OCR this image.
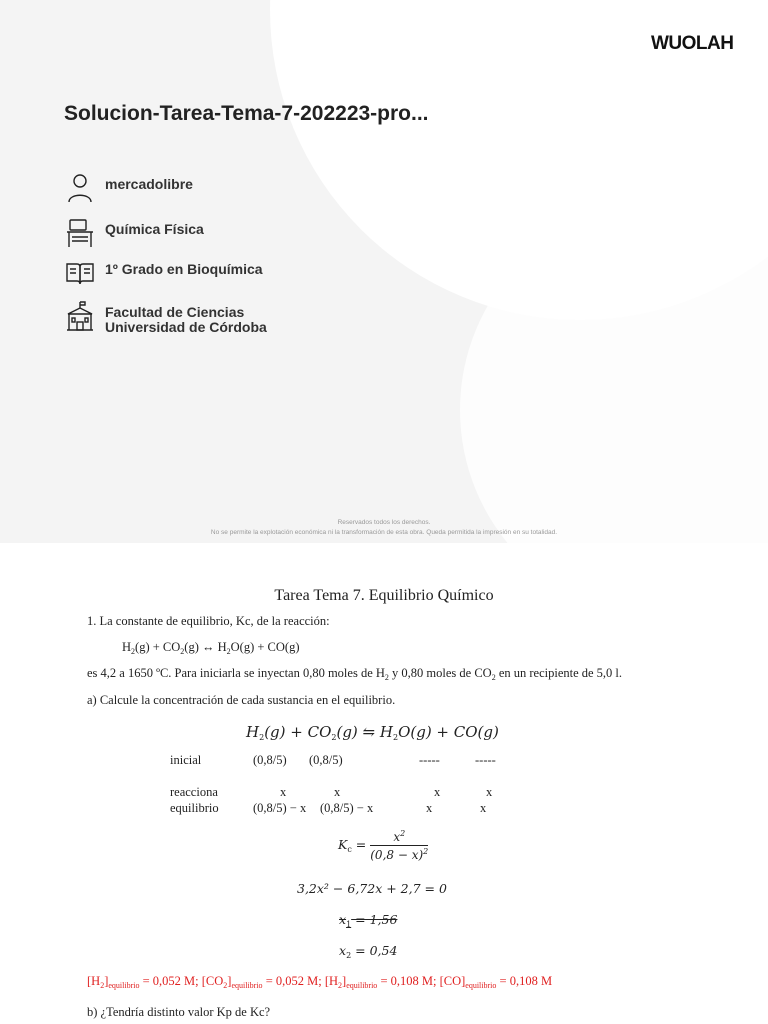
WUOLAH
Solucion-Tarea-Tema-7-202223-pro...
mercadolibre
Química Física
1º Grado en Bioquímica
Facultad de Ciencias
Universidad de Córdoba
Reservados todos los derechos.
No se permite la explotación económica ni la transformación de esta obra. Queda permitida la impresión en su totalidad.
Tarea Tema 7. Equilibrio Químico
1. La constante de equilibrio, Kc, de la reacción:
$H_2(g) + CO_2(g)$ ↔ $H_2O(g) + CO(g)$
es 4,2 a 1650 ºC. Para iniciarla se inyectan 0,80 moles de $H_2$ y 0,80 moles de $CO_2$ en un recipiente de 5,0 l.
a) Calcule la concentración de cada sustancia en el equilibrio.
$H_2(g) + CO_2(g)$ ⇋ $H_2O(g) + CO(g)$
inicial	(0,8/5) (0,8/5)	-----	-----
reacciona	x	x	x	x
equilibrio	(0,8/5) − x (0,8/5) − x	x	x
$K_c = \frac{x^2}{(0,8 - x)^2}$
3,2x² − 6,72x + 2,7 = 0
$x_1 = 1,56$
$x_2 = 0,54$
$[H_2]_{equilibrio} = 0,052$ M; $[CO_2]_{equilibrio} = 0,052$ M; $[H_2]_{equilibrio} = 0,108$ M; $[CO]_{equilibrio} = 0,108$ M
b) ¿Tendría distinto valor Kp de Kc?
